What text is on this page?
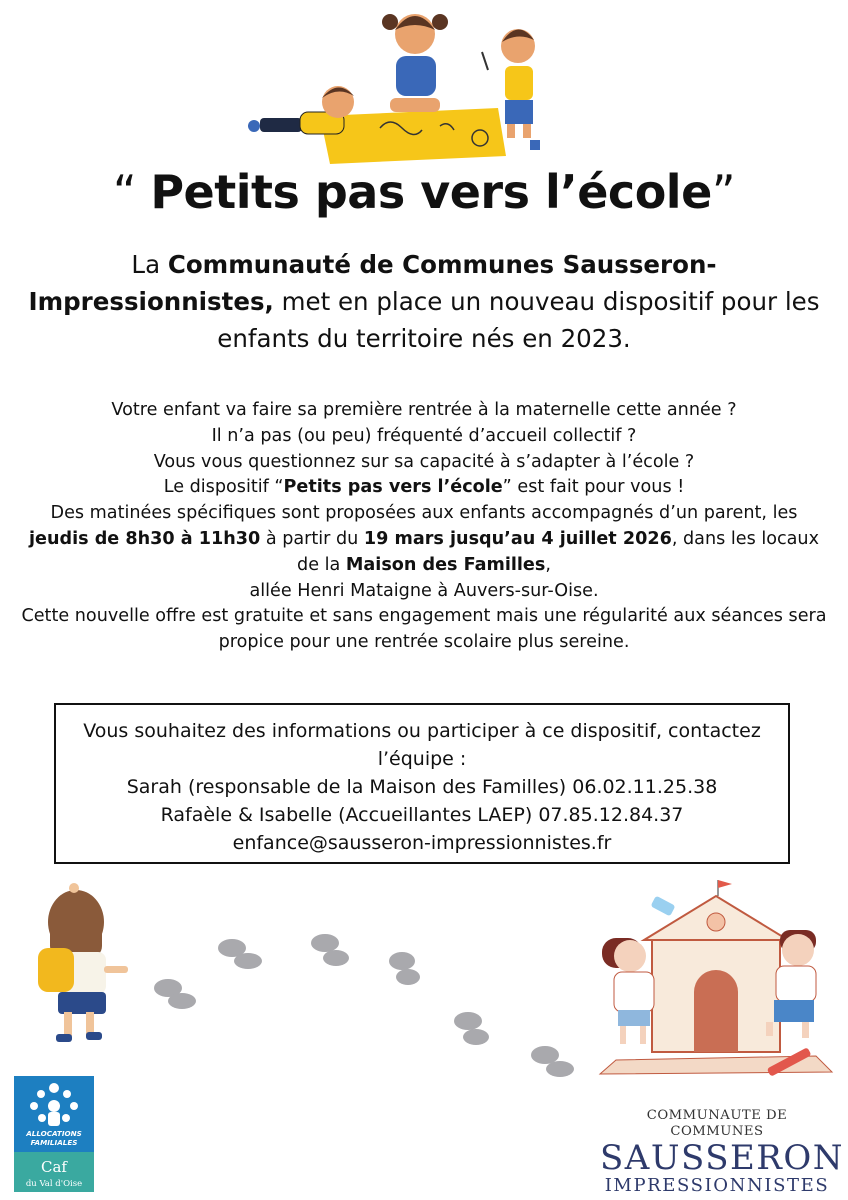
“ Petits pas vers l’école”

La Communauté de Communes Sausseron-Impressionnistes, met en place un nouveau dispositif pour les enfants du territoire nés en 2023.

Votre enfant va faire sa première rentrée à la maternelle cette année ?

Il n’a pas (ou peu) fréquenté d’accueil collectif ?

Vous vous questionnez sur sa capacité à s’adapter à l’école ?

Le dispositif “Petits pas vers l’école” est fait pour vous !

Des matinées spécifiques sont proposées aux enfants accompagnés d’un parent, les jeudis de 8h30 à 11h30 à partir du 19 mars jusqu’au 4 juillet 2026, dans les locaux de la Maison des Familles,

allée Henri Mataigne à Auvers-sur-Oise.

Cette nouvelle offre est gratuite et sans engagement mais une régularité aux séances sera propice pour une rentrée scolaire plus sereine.

Vous souhaitez des informations ou participer à ce dispositif, contactez l’équipe :

Sarah (responsable de la Maison des Familles) 06.02.11.25.38

Rafaèle & Isabelle (Accueillantes LAEP) 07.85.12.84.37

enfance@sausseron-impressionnistes.fr

ALLOCATIONS
FAMILIALES
Caf
du Val d'Oise
COMMUNAUTE DE COMMUNES
SAUSSERON
IMPRESSIONNISTES
